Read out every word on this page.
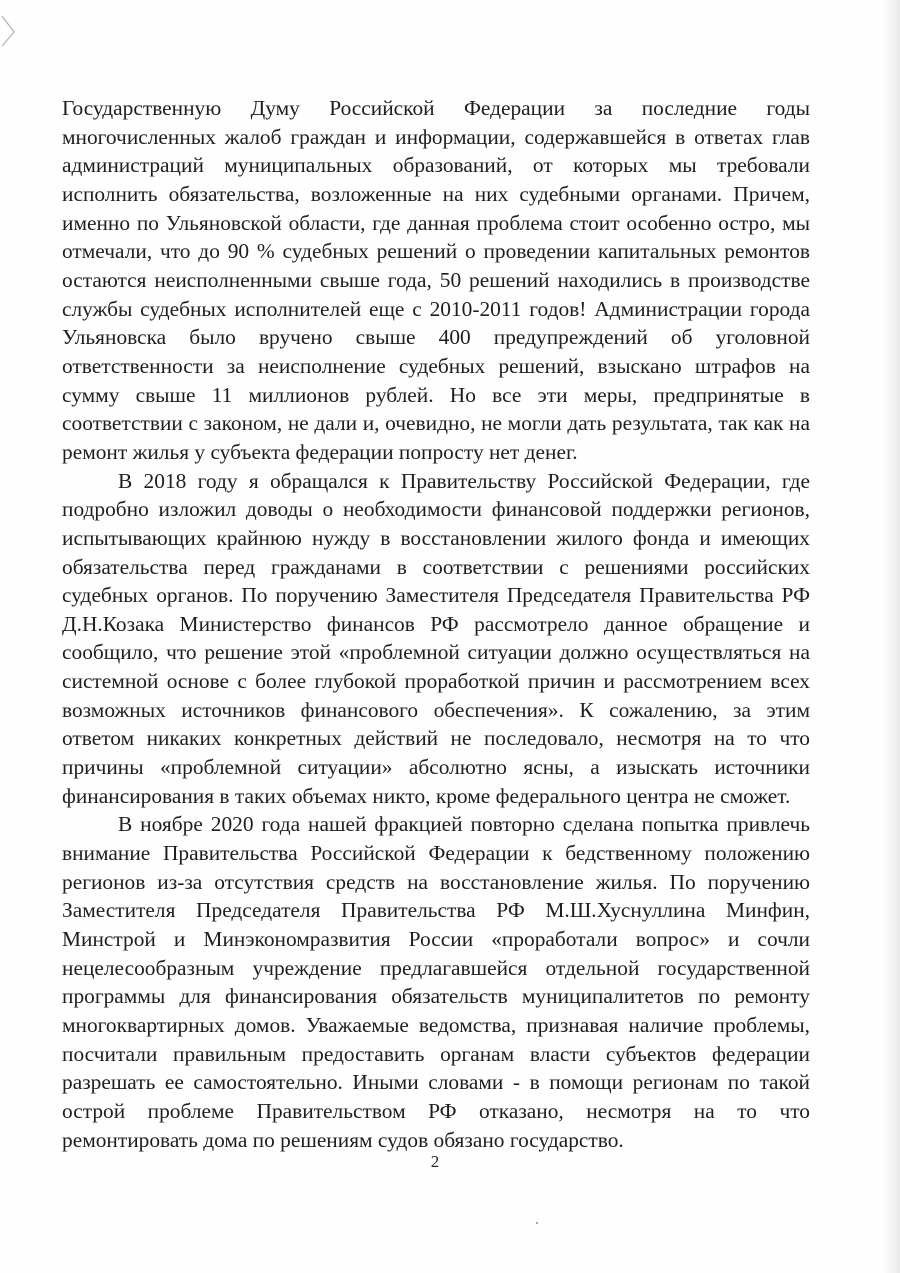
Государственную Думу Российской Федерации за последние годы многочисленных жалоб граждан и информации, содержавшейся в ответах глав администраций муниципальных образований, от которых мы требовали исполнить обязательства, возложенные на них судебными органами. Причем, именно по Ульяновской области, где данная проблема стоит особенно остро, мы отмечали, что до 90 % судебных решений о проведении капитальных ремонтов остаются неисполненными свыше года, 50 решений находились в производстве службы судебных исполнителей еще с 2010-2011 годов! Администрации города Ульяновска было вручено свыше 400 предупреждений об уголовной ответственности за неисполнение судебных решений, взыскано штрафов на сумму свыше 11 миллионов рублей. Но все эти меры, предпринятые в соответствии с законом, не дали и, очевидно, не могли дать результата, так как на ремонт жилья у субъекта федерации попросту нет денег.

В 2018 году я обращался к Правительству Российской Федерации, где подробно изложил доводы о необходимости финансовой поддержки регионов, испытывающих крайнюю нужду в восстановлении жилого фонда и имеющих обязательства перед гражданами в соответствии с решениями российских судебных органов. По поручению Заместителя Председателя Правительства РФ Д.Н.Козака Министерство финансов РФ рассмотрело данное обращение и сообщило, что решение этой «проблемной ситуации должно осуществляться на системной основе с более глубокой проработкой причин и рассмотрением всех возможных источников финансового обеспечения». К сожалению, за этим ответом никаких конкретных действий не последовало, несмотря на то что причины «проблемной ситуации» абсолютно ясны, а изыскать источники финансирования в таких объемах никто, кроме федерального центра не сможет.

В ноябре 2020 года нашей фракцией повторно сделана попытка привлечь внимание Правительства Российской Федерации к бедственному положению регионов из-за отсутствия средств на восстановление жилья. По поручению Заместителя Председателя Правительства РФ М.Ш.Хуснуллина Минфин, Минстрой и Минэкономразвития России «проработали вопрос» и сочли нецелесообразным учреждение предлагавшейся отдельной государственной программы для финансирования обязательств муниципалитетов по ремонту многоквартирных домов. Уважаемые ведомства, признавая наличие проблемы, посчитали правильным предоставить органам власти субъектов федерации разрешать ее самостоятельно. Иными словами - в помощи регионам по такой острой проблеме Правительством РФ отказано, несмотря на то что ремонтировать дома по решениям судов обязано государство.

2
